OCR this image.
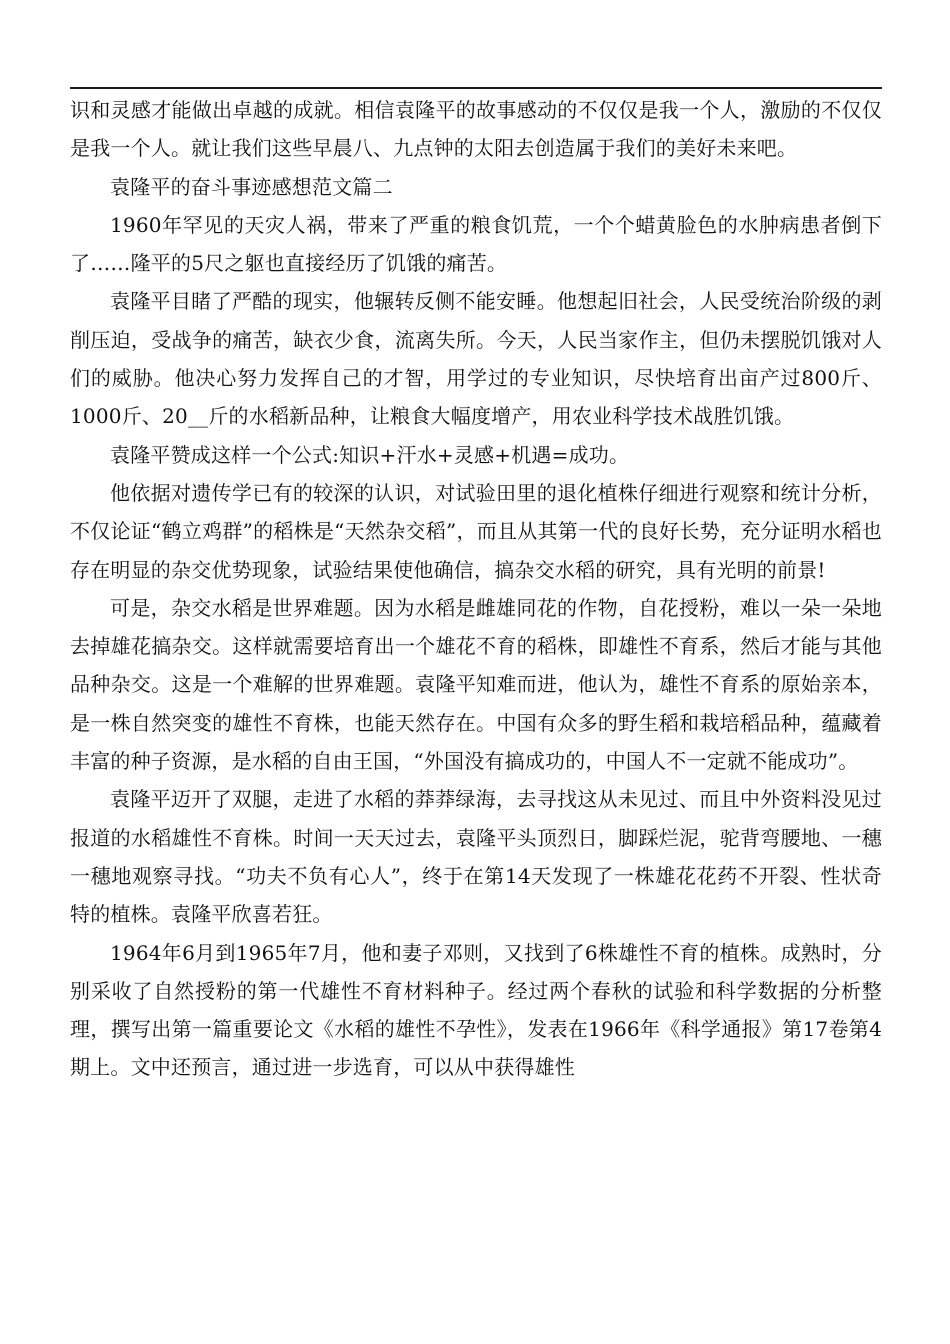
识和灵感才能做出卓越的成就。相信袁隆平的故事感动的不仅仅是我一个人，激励的不仅仅是我一个人。就让我们这些早晨八、九点钟的太阳去创造属于我们的美好未来吧。

袁隆平的奋斗事迹感想范文篇二

1960年罕见的天灾人祸，带来了严重的粮食饥荒，一个个蜡黄脸色的水肿病患者倒下了……隆平的5尺之躯也直接经历了饥饿的痛苦。

袁隆平目睹了严酷的现实，他辗转反侧不能安睡。他想起旧社会，人民受统治阶级的剥削压迫，受战争的痛苦，缺衣少食，流离失所。今天，人民当家作主，但仍未摆脱饥饿对人们的威胁。他决心努力发挥自己的才智，用学过的专业知识，尽快培育出亩产过800斤、1000斤、20__斤的水稻新品种，让粮食大幅度增产，用农业科学技术战胜饥饿。

袁隆平赞成这样一个公式:知识+汗水+灵感+机遇=成功。

他依据对遗传学已有的较深的认识，对试验田里的退化植株仔细进行观察和统计分析，不仅论证“鹤立鸡群”的稻株是“天然杂交稻”，而且从其第一代的良好长势，充分证明水稻也存在明显的杂交优势现象，试验结果使他确信，搞杂交水稻的研究，具有光明的前景!

可是，杂交水稻是世界难题。因为水稻是雌雄同花的作物，自花授粉，难以一朵一朵地去掉雄花搞杂交。这样就需要培育出一个雄花不育的稻株，即雄性不育系，然后才能与其他品种杂交。这是一个难解的世界难题。袁隆平知难而进，他认为，雄性不育系的原始亲本，是一株自然突变的雄性不育株，也能天然存在。中国有众多的野生稻和栽培稻品种，蕴藏着丰富的种子资源，是水稻的自由王国，“外国没有搞成功的，中国人不一定就不能成功”。

袁隆平迈开了双腿，走进了水稻的莽莽绿海，去寻找这从未见过、而且中外资料没见过报道的水稻雄性不育株。时间一天天过去，袁隆平头顶烈日，脚踩烂泥，驼背弯腰地、一穗一穗地观察寻找。“功夫不负有心人”，终于在第14天发现了一株雄花花药不开裂、性状奇特的植株。袁隆平欣喜若狂。

1964年6月到1965年7月，他和妻子邓则，又找到了6株雄性不育的植株。成熟时，分别采收了自然授粉的第一代雄性不育材料种子。经过两个春秋的试验和科学数据的分析整理，撰写出第一篇重要论文《水稻的雄性不孕性》，发表在1966年《科学通报》第17卷第4期上。文中还预言，通过进一步选育，可以从中获得雄性
